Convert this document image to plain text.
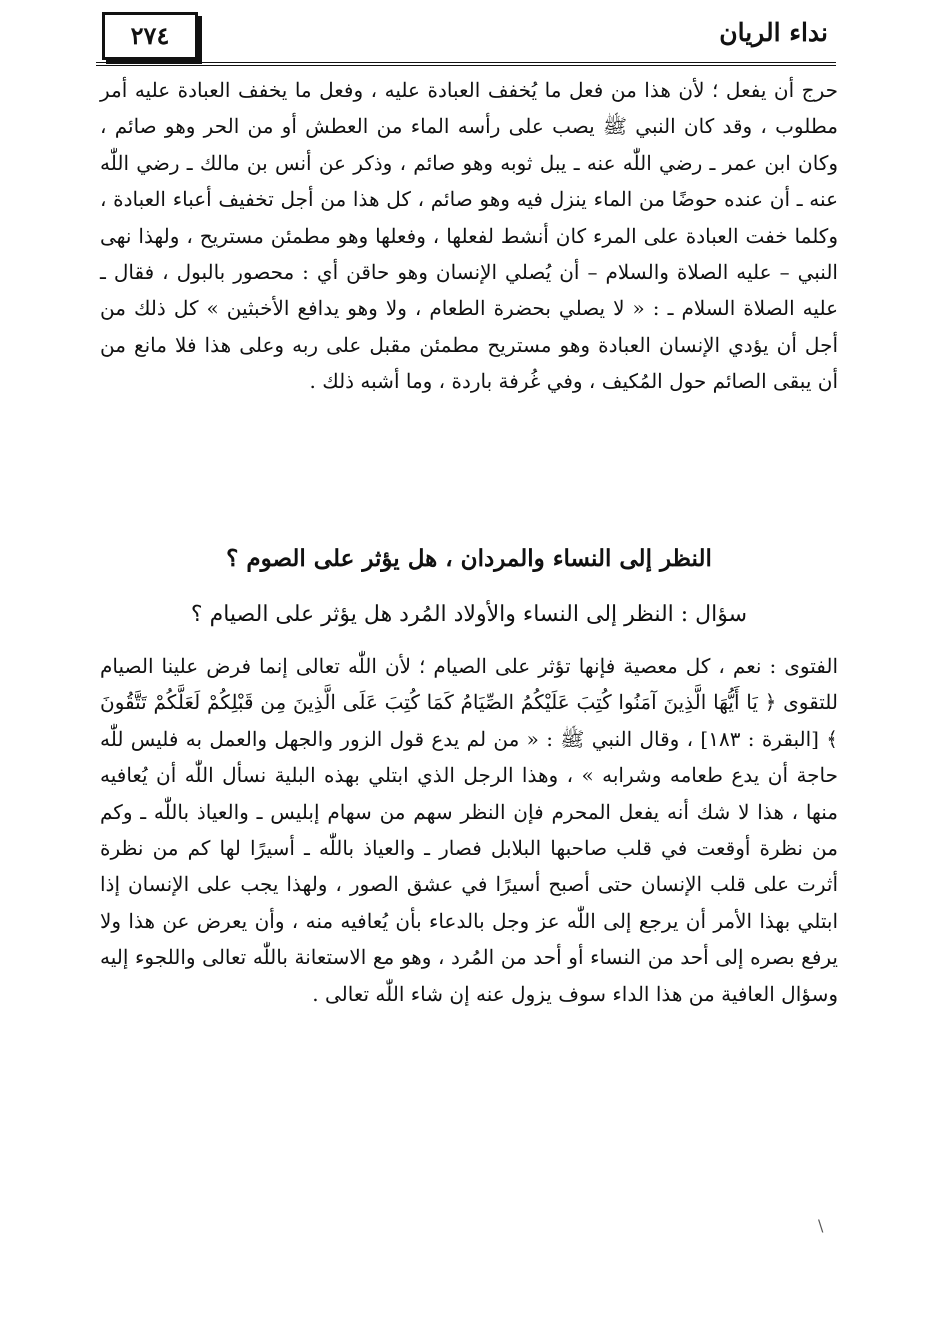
٢٧٤	نداء الريان
حرج أن يفعل ؛ لأن هذا من فعل ما يُخفف العبادة عليه ، وفعل ما يخفف العبادة عليه أمر مطلوب ، وقد كان النبي ﷺ يصب على رأسه الماء من العطش أو من الحر وهو صائم ، وكان ابن عمر ـ رضي اللّٰه عنه ـ يبل ثوبه وهو صائم ، وذكر عن أنس بن مالك ـ رضي اللّٰه عنه ـ أن عنده حوضًا من الماء ينزل فيه وهو صائم ، كل هذا من أجل تخفيف أعباء العبادة ، وكلما خفت العبادة على المرء كان أنشط لفعلها ، وفعلها وهو مطمئن مستريح ، ولهذا نهى النبي – عليه الصلاة والسلام – أن يُصلي الإنسان وهو حاقن أي : محصور بالبول ، فقال ـ عليه الصلاة السلام ـ : « لا يصلي بحضرة الطعام ، ولا وهو يدافع الأخبثين » كل ذلك من أجل أن يؤدي الإنسان العبادة وهو مستريح مطمئن مقبل على ربه وعلى هذا فلا مانع من أن يبقى الصائم حول المُكيف ، وفي غُرفة باردة ، وما أشبه ذلك .
النظر إلى النساء والمردان ، هل يؤثر على الصوم ؟
سؤال : النظر إلى النساء والأولاد المُرد هل يؤثر على الصيام ؟
الفتوى : نعم ، كل معصية فإنها تؤثر على الصيام ؛ لأن اللّٰه تعالى إنما فرض علينا الصيام للتقوى ﴿ يَا أَيُّهَا الَّذِينَ آمَنُوا كُتِبَ عَلَيْكُمُ الصِّيَامُ كَمَا كُتِبَ عَلَى الَّذِينَ مِن قَبْلِكُمْ لَعَلَّكُمْ تَتَّقُونَ ﴾ [البقرة : ١٨٣] ، وقال النبي ﷺ : « من لم يدع قول الزور والجهل والعمل به فليس للّٰه حاجة أن يدع طعامه وشرابه » ، وهذا الرجل الذي ابتلي بهذه البلية نسأل اللّٰه أن يُعافيه منها ، هذا لا شك أنه يفعل المحرم فإن النظر سهم من سهام إبليس ـ والعياذ باللّٰه ـ وكم من نظرة أوقعت في قلب صاحبها البلابل فصار ـ والعياذ باللّٰه ـ أسيرًا لها كم من نظرة أثرت على قلب الإنسان حتى أصبح أسيرًا في عشق الصور ، ولهذا يجب على الإنسان إذا ابتلي بهذا الأمر أن يرجع إلى اللّٰه عز وجل بالدعاء بأن يُعافيه منه ، وأن يعرض عن هذا ولا يرفع بصره إلى أحد من النساء أو أحد من المُرد ، وهو مع الاستعانة باللّٰه تعالى واللجوء إليه وسؤال العافية من هذا الداء سوف يزول عنه إن شاء اللّٰه تعالى .
\
